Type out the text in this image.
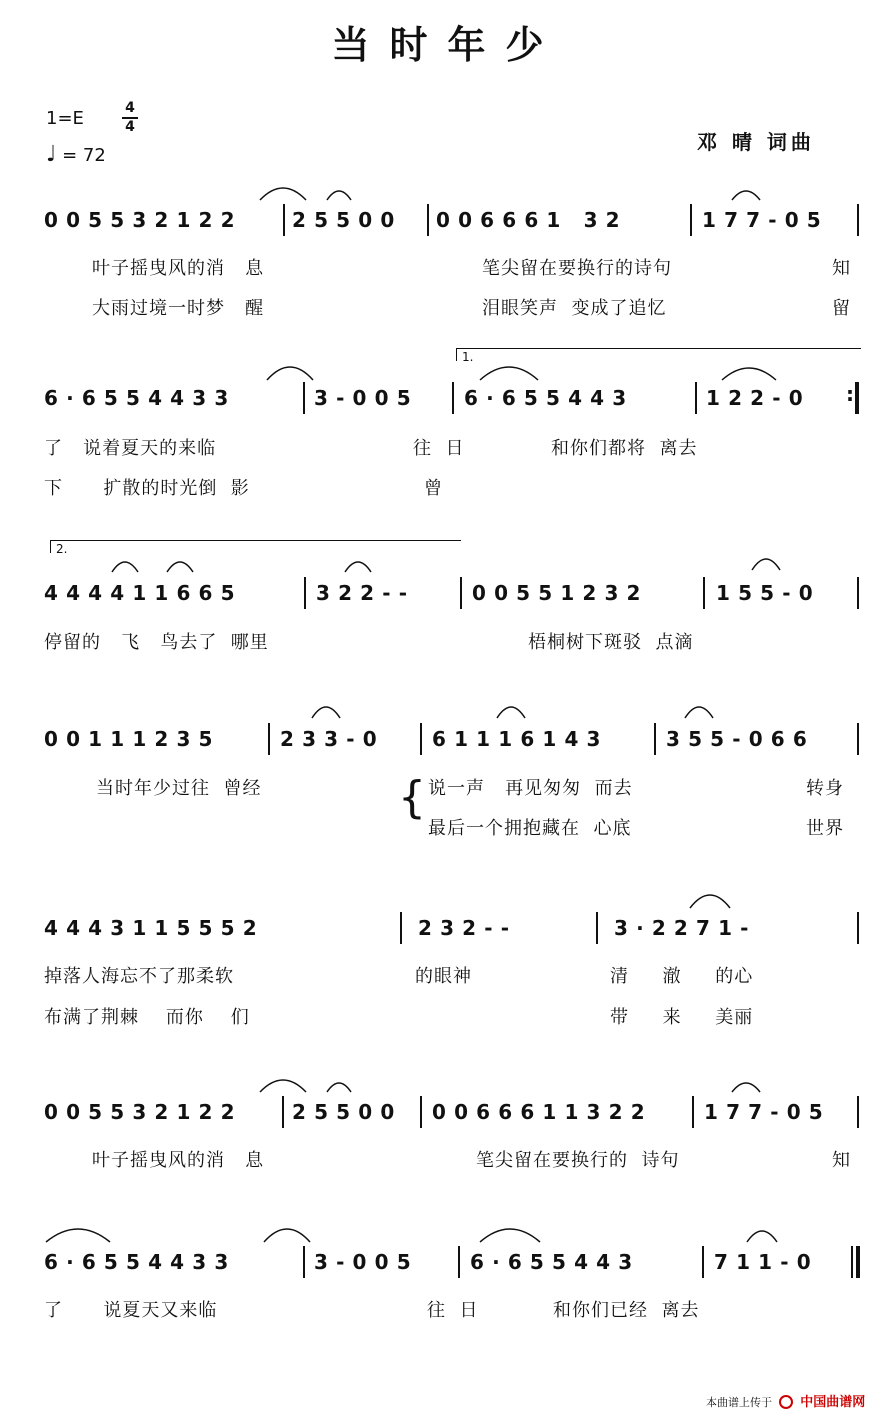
当时年少
1=E	4
4
♩ = 72
邓 晴 词曲
0 0 5 5 3 2 1 2 2	2 5 5 0 0 0 0 6 6 6 1   3 2	1 7 7 - 0 5
叶子摇曳风的消   息	笔尖留在要换行的诗句	知
大雨过境一时梦   醒	泪眼笑声  变成了追忆	留
1.
6 · 6 5 5 4 4 3 3	3 - 0 0 5	6 · 6 5 5 4 4 3	1 2 2 - 0 :
了   说着夏天的来临	往  日	和你们都将  离去
下      扩散的时光倒  影	曾
2.
4 4 4 4 1 1 6 6 5	3 2 2 - -	0 0 5 5 1 2 3 2	1 5 5 - 0
停留的   飞   鸟去了  哪里	梧桐树下斑驳  点滴
0 0 1 1 1 2 3 5	2 3 3 - 0	6 1 1 1 6 1 4 3	3 5 5 - 0 6 6
当时年少过往  曾经	{ 说一声   再见匆匆  而去	转身
最后一个拥抱藏在  心底	世界
4 4 4 3 1 1 5 5 5 2	2 3 2 - -	3 · 2 2 7 1 -
掉落人海忘不了那柔软	的眼神	清     澈     的心
布满了荆棘    而你    们	带     来     美丽
0 0 5 5 3 2 1 2 2	2 5 5 0 0 0 0 6 6 6 1 1 3 2 2	1 7 7 - 0 5
叶子摇曳风的消   息	笔尖留在要换行的  诗句	知
6 · 6 5 5 4 4 3 3	3 - 0 0 5	6 · 6 5 5 4 4 3	7 1 1 - 0
了      说夏天又来临	往  日	和你们已经  离去
本曲谱上传于 中国曲谱网
